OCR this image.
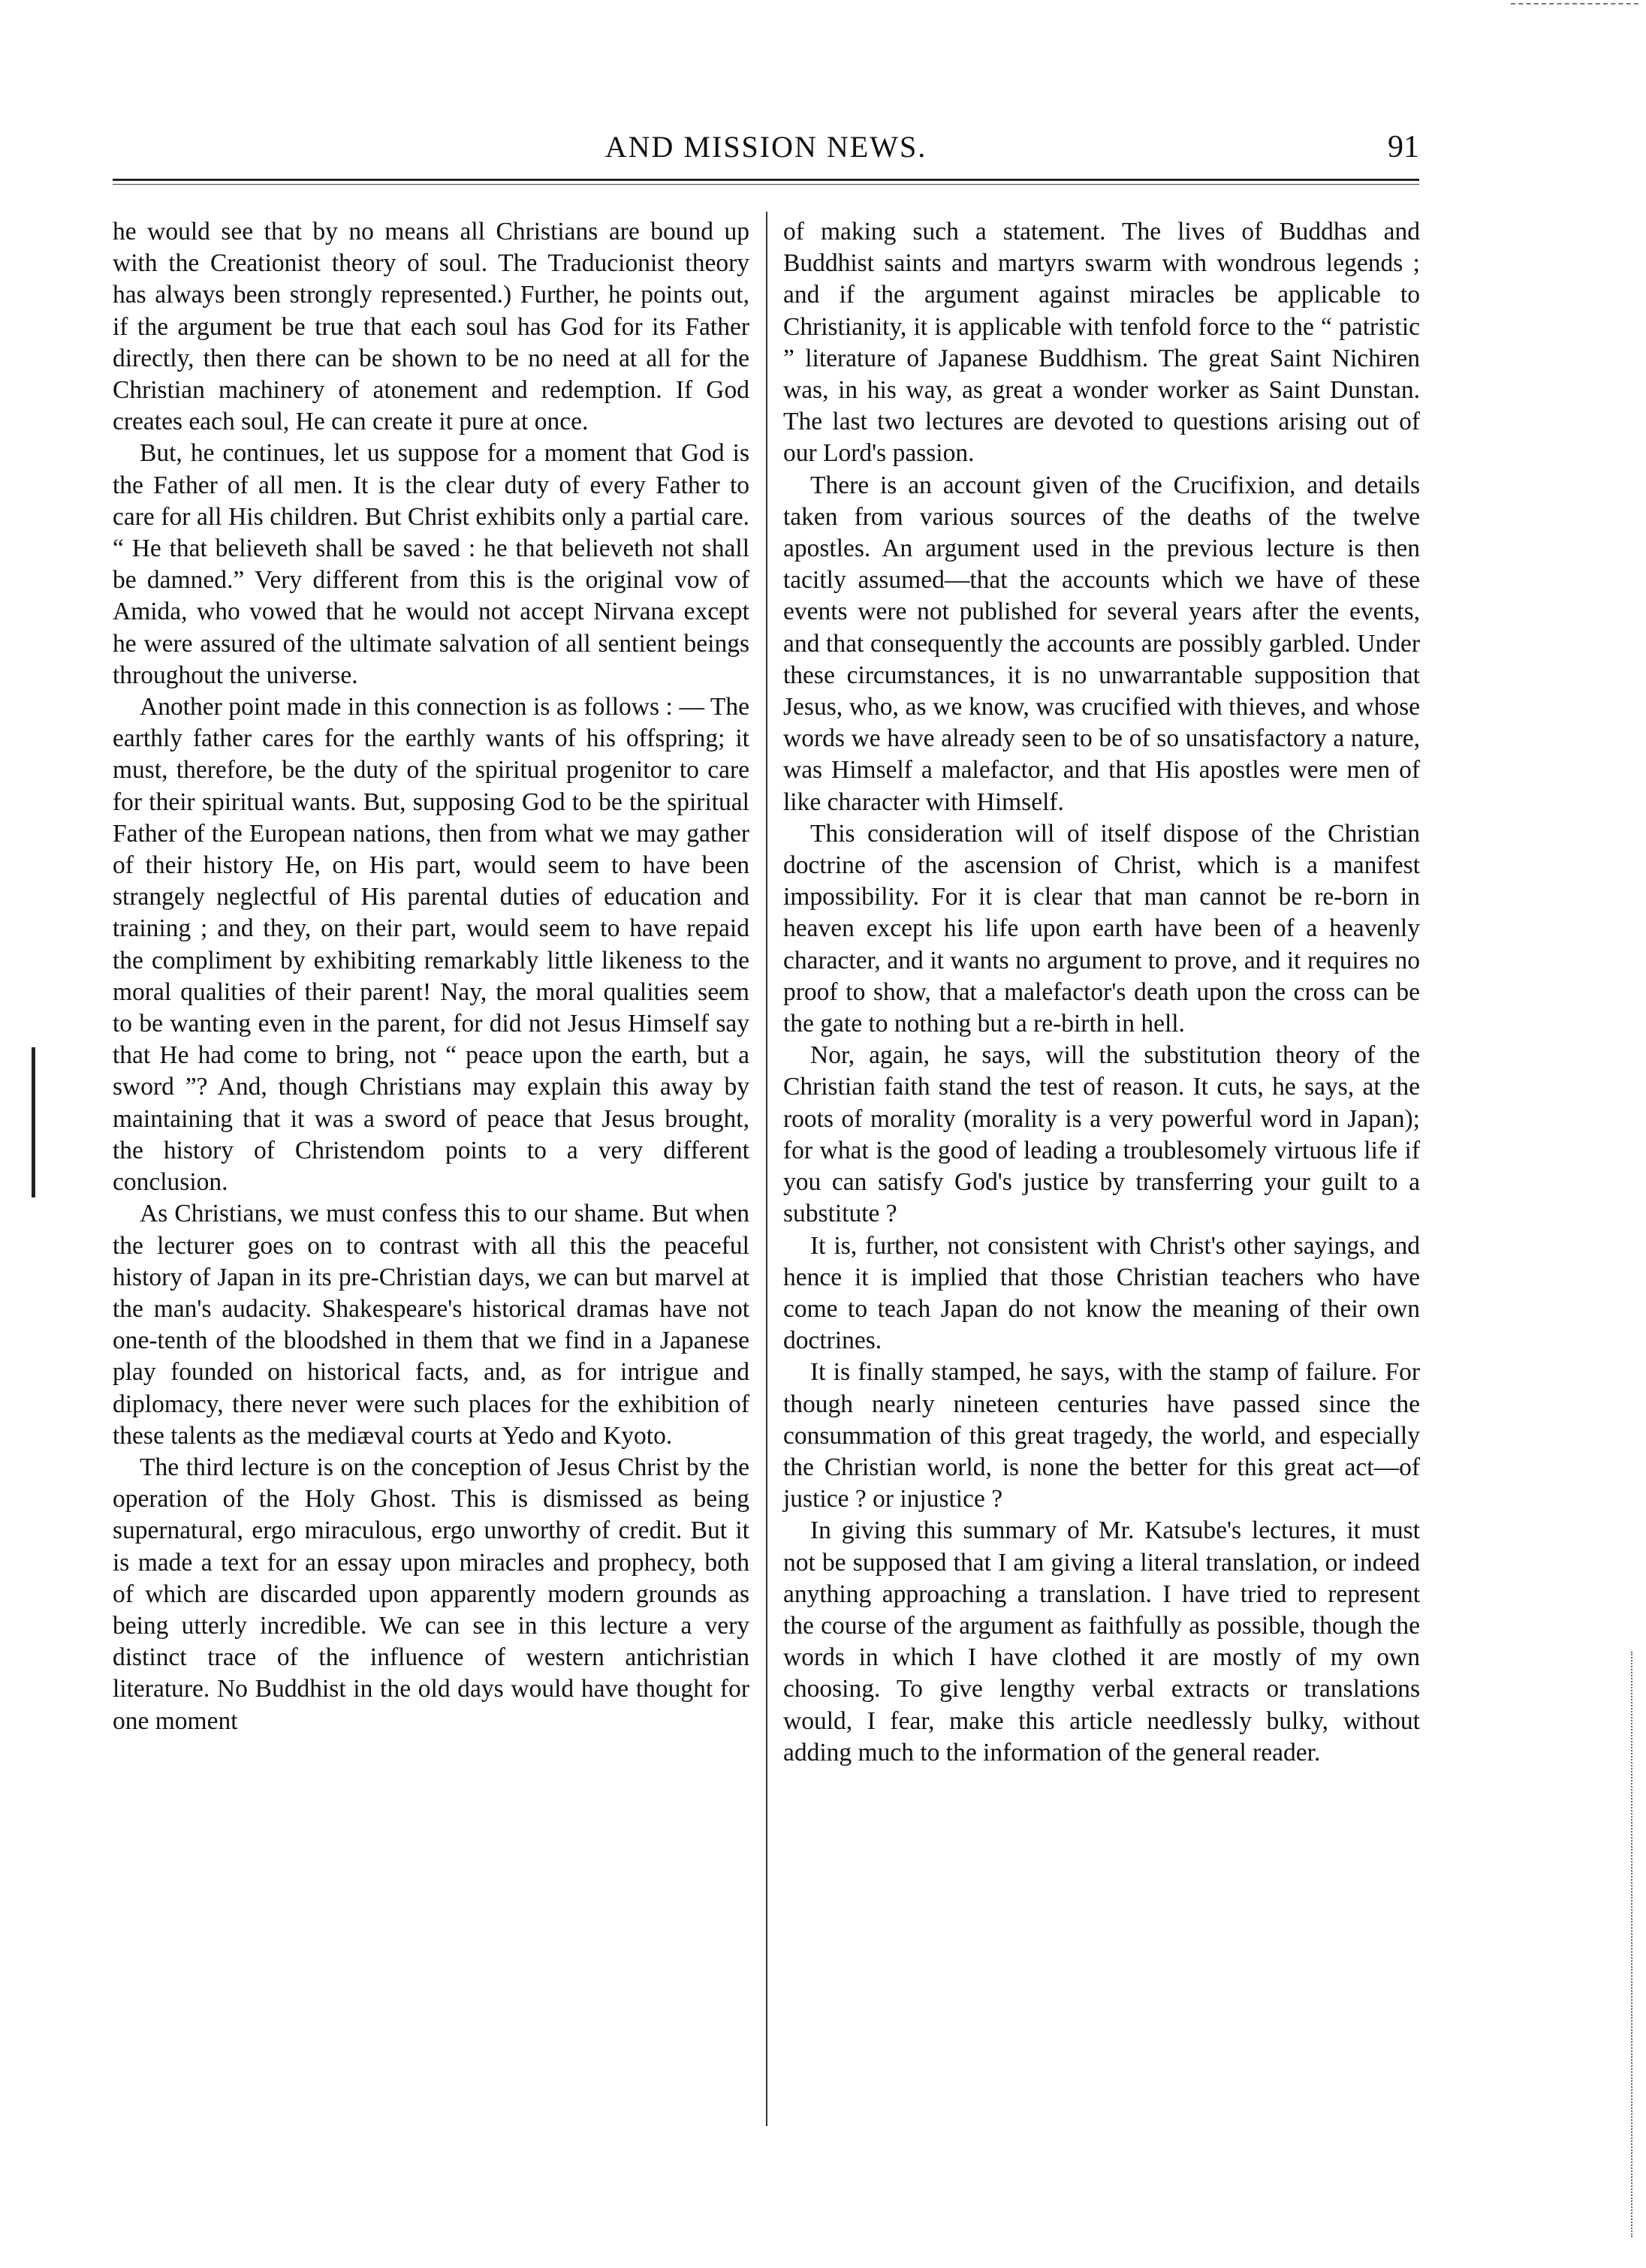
AND MISSION NEWS.	91

he would see that by no means all Christians are bound up with the Creationist theory of soul. The Traducionist theory has always been strongly represented.) Further, he points out, if the argument be true that each soul has God for its Father directly, then there can be shown to be no need at all for the Christian machinery of atonement and redemption. If God creates each soul, He can create it pure at once.

But, he continues, let us suppose for a moment that God is the Father of all men. It is the clear duty of every Father to care for all His children. But Christ exhibits only a partial care. “ He that believeth shall be saved : he that believeth not shall be damned.” Very different from this is the original vow of Amida, who vowed that he would not accept Nirvana except he were assured of the ultimate salvation of all sentient beings throughout the universe.

Another point made in this connection is as follows : — The earthly father cares for the earthly wants of his offspring; it must, therefore, be the duty of the spiritual progenitor to care for their spiritual wants. But, supposing God to be the spiritual Father of the European nations, then from what we may gather of their history He, on His part, would seem to have been strangely neglectful of His parental duties of education and training ; and they, on their part, would seem to have repaid the compliment by exhibiting remarkably little likeness to the moral qualities of their parent! Nay, the moral qualities seem to be wanting even in the parent, for did not Jesus Himself say that He had come to bring, not “ peace upon the earth, but a sword ”? And, though Christians may explain this away by maintaining that it was a sword of peace that Jesus brought, the history of Christendom points to a very different conclusion.

As Christians, we must confess this to our shame. But when the lecturer goes on to contrast with all this the peaceful history of Japan in its pre-Christian days, we can but marvel at the man's audacity. Shakespeare's historical dramas have not one-tenth of the bloodshed in them that we find in a Japanese play founded on historical facts, and, as for intrigue and diplomacy, there never were such places for the exhibition of these talents as the mediæval courts at Yedo and Kyoto.

The third lecture is on the conception of Jesus Christ by the operation of the Holy Ghost. This is dismissed as being supernatural, ergo miraculous, ergo unworthy of credit. But it is made a text for an essay upon miracles and prophecy, both of which are discarded upon apparently modern grounds as being utterly incredible. We can see in this lecture a very distinct trace of the influence of western antichristian literature. No Buddhist in the old days would have thought for one moment

of making such a statement. The lives of Buddhas and Buddhist saints and martyrs swarm with wondrous legends ; and if the argument against miracles be applicable to Christianity, it is applicable with tenfold force to the “ patristic ” literature of Japanese Buddhism. The great Saint Nichiren was, in his way, as great a wonder worker as Saint Dunstan. The last two lectures are devoted to questions arising out of our Lord's passion.

There is an account given of the Crucifixion, and details taken from various sources of the deaths of the twelve apostles. An argument used in the previous lecture is then tacitly assumed—that the accounts which we have of these events were not published for several years after the events, and that consequently the accounts are possibly garbled. Under these circumstances, it is no unwarrantable supposition that Jesus, who, as we know, was crucified with thieves, and whose words we have already seen to be of so unsatisfactory a nature, was Himself a malefactor, and that His apostles were men of like character with Himself.

This consideration will of itself dispose of the Christian doctrine of the ascension of Christ, which is a manifest impossibility. For it is clear that man cannot be re-born in heaven except his life upon earth have been of a heavenly character, and it wants no argument to prove, and it requires no proof to show, that a malefactor's death upon the cross can be the gate to nothing but a re-birth in hell.

Nor, again, he says, will the substitution theory of the Christian faith stand the test of reason. It cuts, he says, at the roots of morality (morality is a very powerful word in Japan); for what is the good of leading a troublesomely virtuous life if you can satisfy God's justice by transferring your guilt to a substitute ?

It is, further, not consistent with Christ's other sayings, and hence it is implied that those Christian teachers who have come to teach Japan do not know the meaning of their own doctrines.

It is finally stamped, he says, with the stamp of failure. For though nearly nineteen centuries have passed since the consummation of this great tragedy, the world, and especially the Christian world, is none the better for this great act—of justice ? or injustice ?

In giving this summary of Mr. Katsube's lectures, it must not be supposed that I am giving a literal translation, or indeed anything approaching a translation. I have tried to represent the course of the argument as faithfully as possible, though the words in which I have clothed it are mostly of my own choosing. To give lengthy verbal extracts or translations would, I fear, make this article needlessly bulky, without adding much to the information of the general reader.
